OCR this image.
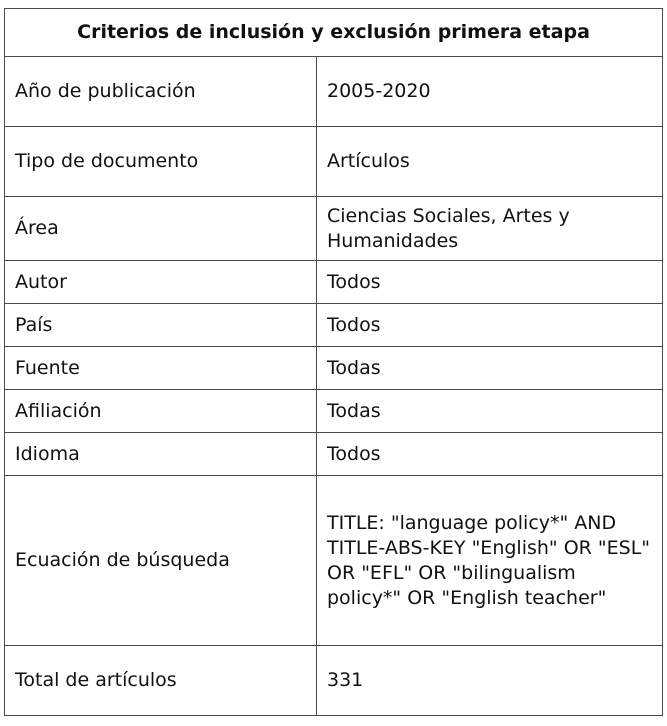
Criterios de inclusión y exclusión primera etapa	
Año de publicación	2005-2020
Tipo de documento	Artículos
Área	Ciencias Sociales, Artes y Humanidades
Autor	Todos
País	Todos
Fuente	Todas
Afiliación	Todas
Idioma	Todos
Ecuación de búsqueda	TITLE: "language policy*" AND TITLE-ABS-KEY "English" OR "ESL" OR "EFL" OR "bilingualism policy*" OR "English teacher"
Total de artículos	331
